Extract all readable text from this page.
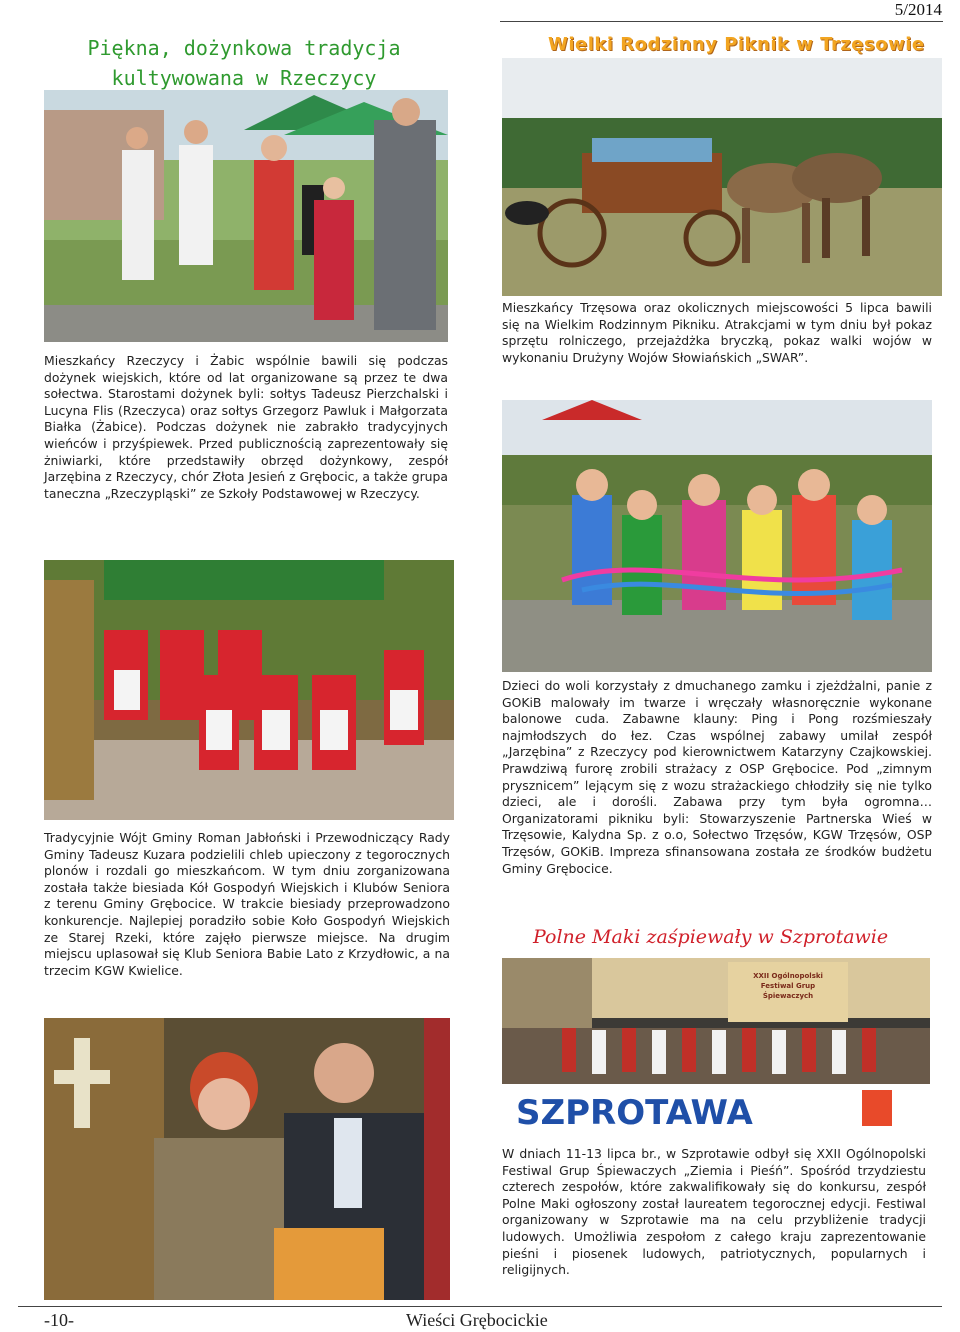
5/2014
Piękna, dożynkowa tradycja kultywowana w Rzeczycy
Mieszkańcy Rzeczycy i Żabic wspólnie bawili się podczas dożynek wiejskich, które od lat organizowane są przez te dwa sołectwa. Starostami dożynek byli: sołtys Tadeusz Pierzchalski i Lucyna Flis (Rzeczyca) oraz sołtys Grzegorz Pawluk i Małgorzata Białka (Żabice). Podczas dożynek nie zabrakło tradycyjnych wieńców i przyśpiewek. Przed publicznością zaprezentowały się żniwiarki, które przedstawiły obrzęd dożynkowy, zespół Jarzębina z Rzeczycy, chór Złota Jesień z Grębocic, a także grupa taneczna „Rzeczypląski” ze Szkoły Podstawowej w Rzeczycy.
Tradycyjnie Wójt Gminy Roman Jabłoński i Przewodniczący Rady Gminy Tadeusz Kuzara podzielili chleb upieczony z tegorocznych plonów i rozdali go mieszkańcom. W tym dniu zorganizowana została także biesiada Kół Gospodyń Wiejskich i Klubów Seniora z terenu Gminy Grębocice. W trakcie biesiady przeprowadzono konkurencje. Najlepiej poradziło sobie Koło Gospodyń Wiejskich ze Starej Rzeki, które zajęło pierwsze miejsce. Na drugim miejscu uplasował się Klub Seniora Babie Lato z Krzydłowic, a na trzecim KGW Kwielice.
Wielki Rodzinny Piknik w Trzęsowie
Mieszkańcy Trzęsowa oraz okolicznych miejscowości 5 lipca bawili się na Wielkim Rodzinnym Pikniku. Atrakcjami w tym dniu był pokaz sprzętu rolniczego, przejażdżka bryczką, pokaz walki wojów w wykonaniu Drużyny Wojów Słowiańskich „SWAR”.
Dzieci do woli korzystały z dmuchanego zamku i zjeżdżalni, panie z GOKiB malowały im twarze i wręczały własnoręcznie wykonane balonowe cuda. Zabawne klauny: Ping i Pong rozśmieszały najmłodszych do łez. Czas wspólnej zabawy umilał zespół „Jarzębina” z Rzeczycy pod kierownictwem Katarzyny Czajkowskiej. Prawdziwą furorę zrobili strażacy z OSP Grębocice. Pod „zimnym prysznicem” lejącym się z wozu strażackiego chłodziły się nie tylko dzieci, ale i dorośli. Zabawa przy tym była ogromna… Organizatorami pikniku byli: Stowarzyszenie Partnerska Wieś w Trzęsowie, Kalydna Sp. z o.o, Sołectwo Trzęsów, KGW Trzęsów, OSP Trzęsów, GOKiB. Impreza sfinansowana została ze środków budżetu Gminy Grębocice.
Polne Maki zaśpiewały w Szprotawie
XXII Ogólnopolski
Festiwal Grup
Śpiewaczych
SZPROTAWA
W dniach 11-13 lipca br., w Szprotawie odbył się XXII Ogólnopolski Festiwal Grup Śpiewaczych „Ziemia i Pieśń”. Spośród trzydziestu czterech zespołów, które zakwalifikowały się do konkursu, zespół Polne Maki ogłoszony został laureatem tegorocznej edycji. Festiwal organizowany w Szprotawie ma na celu przybliżenie tradycji ludowych. Umożliwia zespołom z całego kraju zaprezentowanie pieśni i piosenek ludowych, patriotycznych, popularnych i religijnych.
-10-	Wieści Grębocickie
